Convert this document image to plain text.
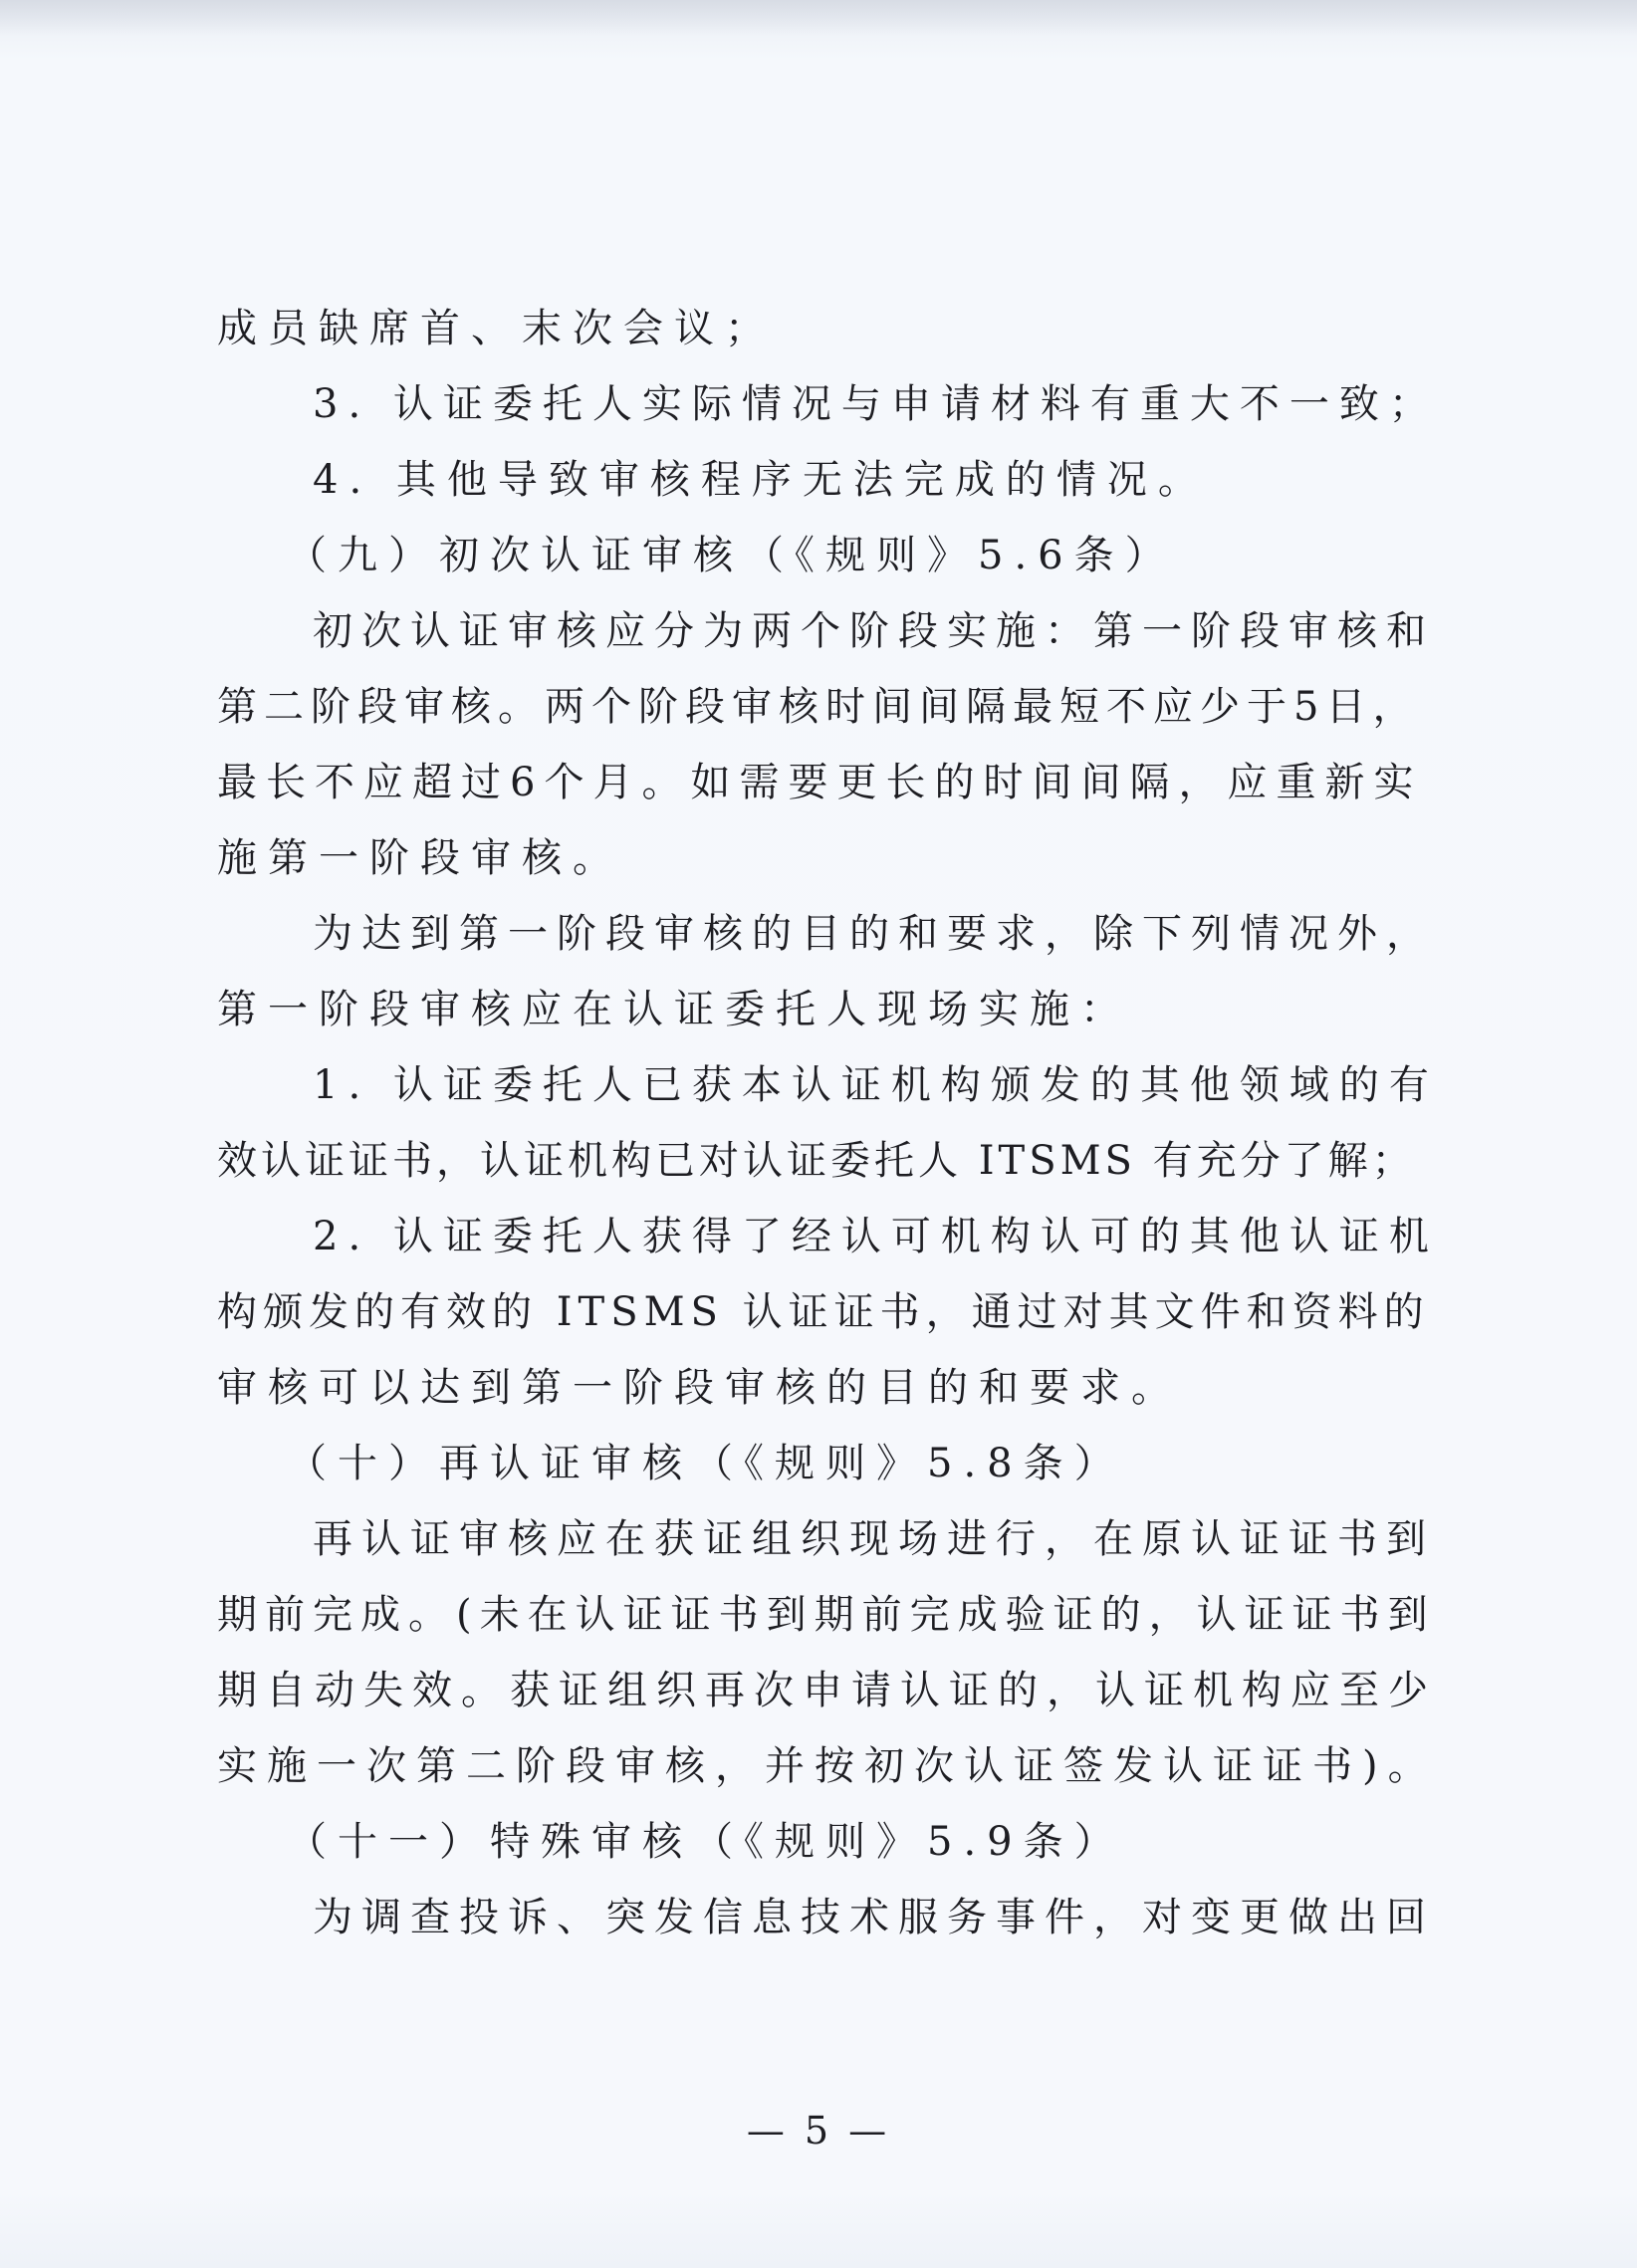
成员缺席首、末次会议；
3. 认证委托人实际情况与申请材料有重大不一致；
4. 其他导致审核程序无法完成的情况。
（九）初次认证审核（《规则》5.6条）
初次认证审核应分为两个阶段实施：第一阶段审核和
第二阶段审核。两个阶段审核时间间隔最短不应少于5日，
最长不应超过6个月。如需要更长的时间间隔，应重新实
施第一阶段审核。
为达到第一阶段审核的目的和要求，除下列情况外，
第一阶段审核应在认证委托人现场实施：
1. 认证委托人已获本认证机构颁发的其他领域的有
效认证证书，认证机构已对认证委托人 ITSMS 有充分了解；
2. 认证委托人获得了经认可机构认可的其他认证机
构颁发的有效的 ITSMS 认证证书，通过对其文件和资料的
审核可以达到第一阶段审核的目的和要求。
（十）再认证审核（《规则》5.8条）
再认证审核应在获证组织现场进行，在原认证证书到
期前完成。(未在认证证书到期前完成验证的，认证证书到
期自动失效。获证组织再次申请认证的，认证机构应至少
实施一次第二阶段审核，并按初次认证签发认证证书)。
（十一）特殊审核（《规则》5.9条）
为调查投诉、突发信息技术服务事件，对变更做出回
— 5 —
